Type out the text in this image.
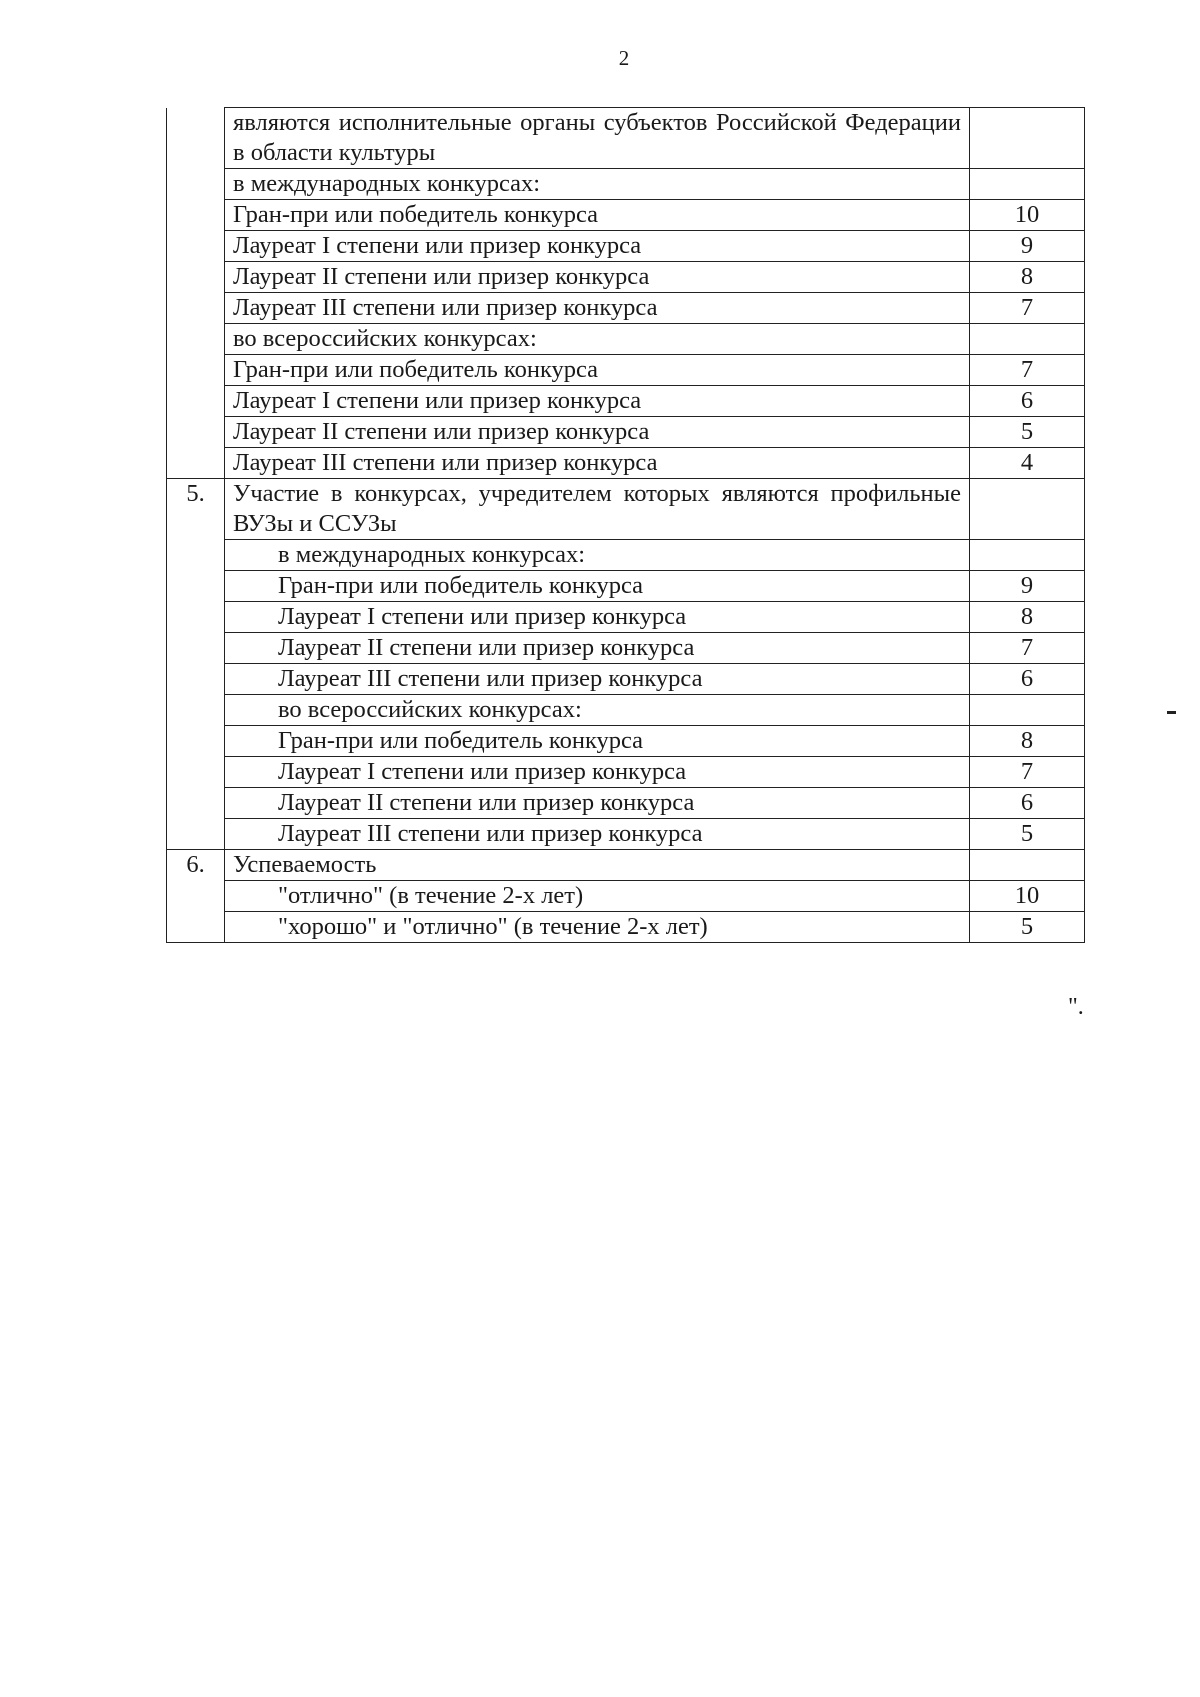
2
	являются исполнительные органы субъектов Российской Федерации в области культуры	
	в международных конкурсах:	
	Гран-при или победитель конкурса	10
	Лауреат I степени или призер конкурса	9
	Лауреат II степени или призер конкурса	8
	Лауреат III степени или призер конкурса	7
	во всероссийских конкурсах:	
	Гран-при или победитель конкурса	7
	Лауреат I степени или призер конкурса	6
	Лауреат II степени или призер конкурса	5
	Лауреат III степени или призер конкурса	4
5.	Участие в конкурсах, учредителем которых являются профильные ВУЗы и ССУЗы	
	в международных конкурсах:	
	Гран-при или победитель конкурса	9
	Лауреат I степени или призер конкурса	8
	Лауреат II степени или призер конкурса	7
	Лауреат III степени или призер конкурса	6
	во всероссийских конкурсах:	
	Гран-при или победитель конкурса	8
	Лауреат I степени или призер конкурса	7
	Лауреат II степени или призер конкурса	6
	Лауреат III степени или призер конкурса	5
6.	Успеваемость	
	"отлично" (в течение 2-х лет)	10
	"хорошо" и "отлично" (в течение 2-х лет)	5
".
